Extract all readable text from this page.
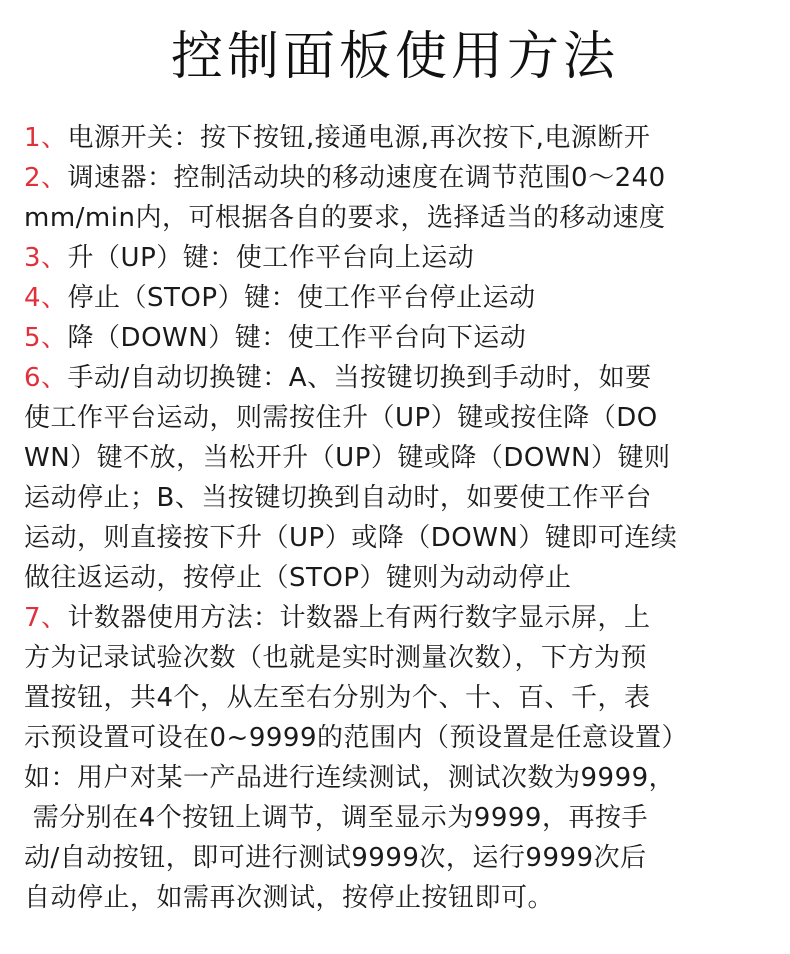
控制面板使用方法
1、电源开关：按下按钮,接通电源,再次按下,电源断开
2、调速器：控制活动块的移动速度在调节范围0～240
mm/min内，可根据各自的要求，选择适当的移动速度
3、升（UP）键：使工作平台向上运动
4、停止（STOP）键：使工作平台停止运动
5、降（DOWN）键：使工作平台向下运动
6、手动/自动切换键：A、当按键切换到手动时，如要
使工作平台运动，则需按住升（UP）键或按住降（DO
WN）键不放，当松开升（UP）键或降（DOWN）键则
运动停止；B、当按键切换到自动时，如要使工作平台
运动，则直接按下升（UP）或降（DOWN）键即可连续
做往返运动，按停止（STOP）键则为动动停止
7、计数器使用方法：计数器上有两行数字显示屏，上
方为记录试验次数（也就是实时测量次数），下方为预
置按钮，共4个，从左至右分别为个、十、百、千，表
示预设置可设在0~9999的范围内（预设置是任意设置）
如：用户对某一产品进行连续测试，测试次数为9999，
需分别在4个按钮上调节，调至显示为9999，再按手
动/自动按钮，即可进行测试9999次，运行9999次后
自动停止，如需再次测试，按停止按钮即可。
